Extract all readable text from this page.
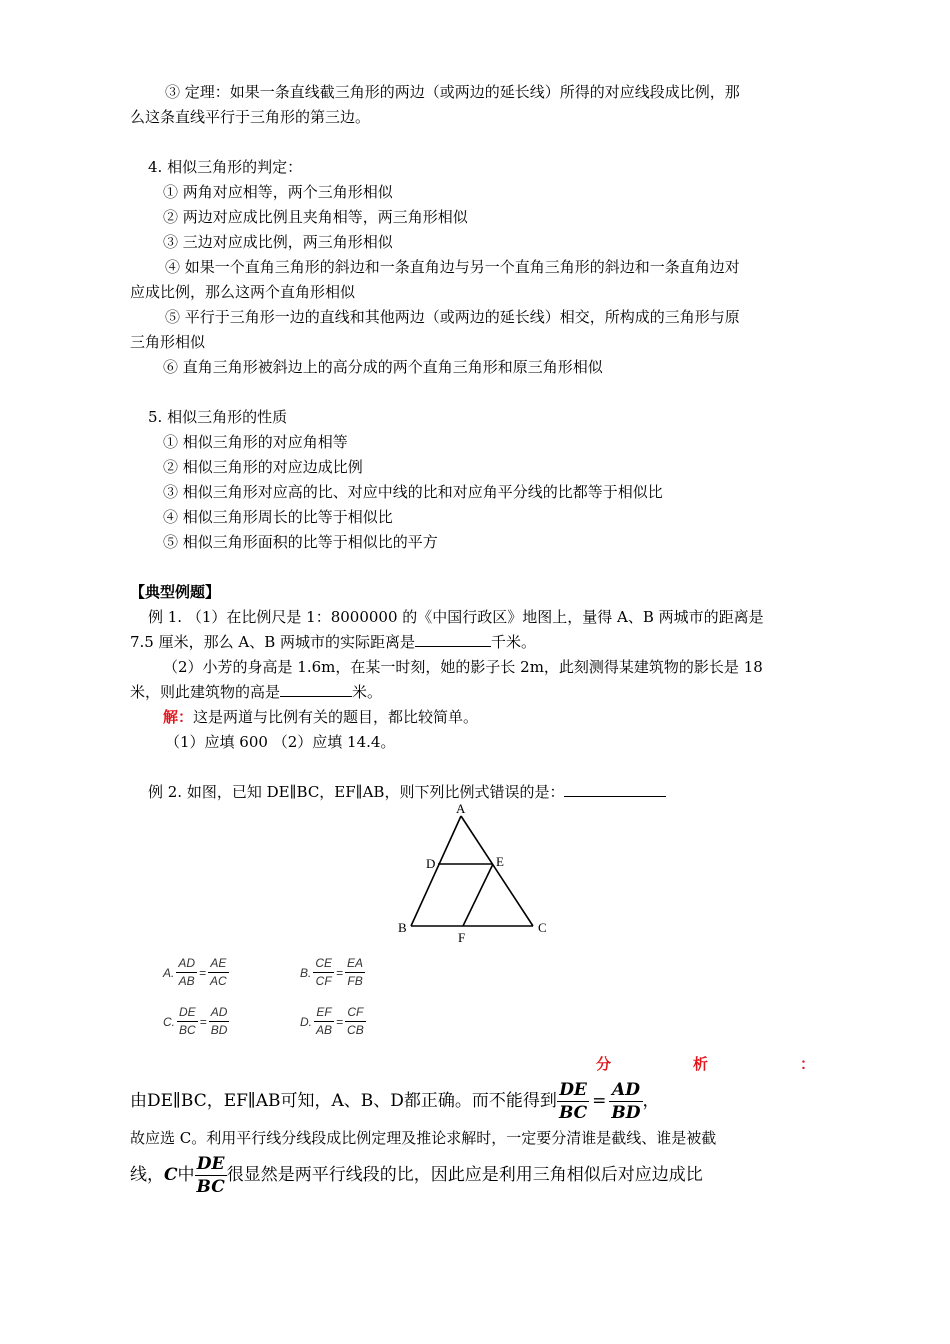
③ 定理：如果一条直线截三角形的两边（或两边的延长线）所得的对应线段成比例，那
么这条直线平行于三角形的第三边。
4. 相似三角形的判定：
① 两角对应相等，两个三角形相似
② 两边对应成比例且夹角相等，两三角形相似
③ 三边对应成比例，两三角形相似
④ 如果一个直角三角形的斜边和一条直角边与另一个直角三角形的斜边和一条直角边对
应成比例，那么这两个直角形相似
⑤ 平行于三角形一边的直线和其他两边（或两边的延长线）相交，所构成的三角形与原
三角形相似
⑥ 直角三角形被斜边上的高分成的两个直角三角形和原三角形相似
5. 相似三角形的性质
① 相似三角形的对应角相等
② 相似三角形的对应边成比例
③ 相似三角形对应高的比、对应中线的比和对应角平分线的比都等于相似比
④ 相似三角形周长的比等于相似比
⑤ 相似三角形面积的比等于相似比的平方
【典型例题】
例 1. （1）在比例尺是 1：8000000 的《中国行政区》地图上，量得 A、B 两城市的距离是
7.5 厘米，那么 A、B 两城市的实际距离是	千米。
（2）小芳的身高是 1.6m，在某一时刻，她的影子长 2m，此刻测得某建筑物的影长是 18
米，则此建筑物的高是	米。
解：这是两道与比例有关的题目，都比较简单。
（1）应填 600 （2）应填 14.4。
例 2. 如图，已知 DE∥BC，EF∥AB，则下列比例式错误的是：
A
D	E
B
F
C
A. $\frac{AD}{AB} = \frac{AE}{AC}$	B. $\frac{CE}{CF} = \frac{EA}{FB}$
C. $\frac{DE}{BC} = \frac{AD}{BD}$	D. $\frac{EF}{AB} = \frac{CF}{CB}$
分	析	：
由DE∥BC，EF∥AB可知，A、B、D都正确。而不能得到 $\frac{DE}{BC} = \frac{AD}{BD}$ ，
故应选 C。利用平行线分线段成比例定理及推论求解时，一定要分清谁是截线、谁是被截
线， C 中 $\frac{DE}{BC}$ 很显然是两平行线段的比，因此应是利用三角相似后对应边成比
